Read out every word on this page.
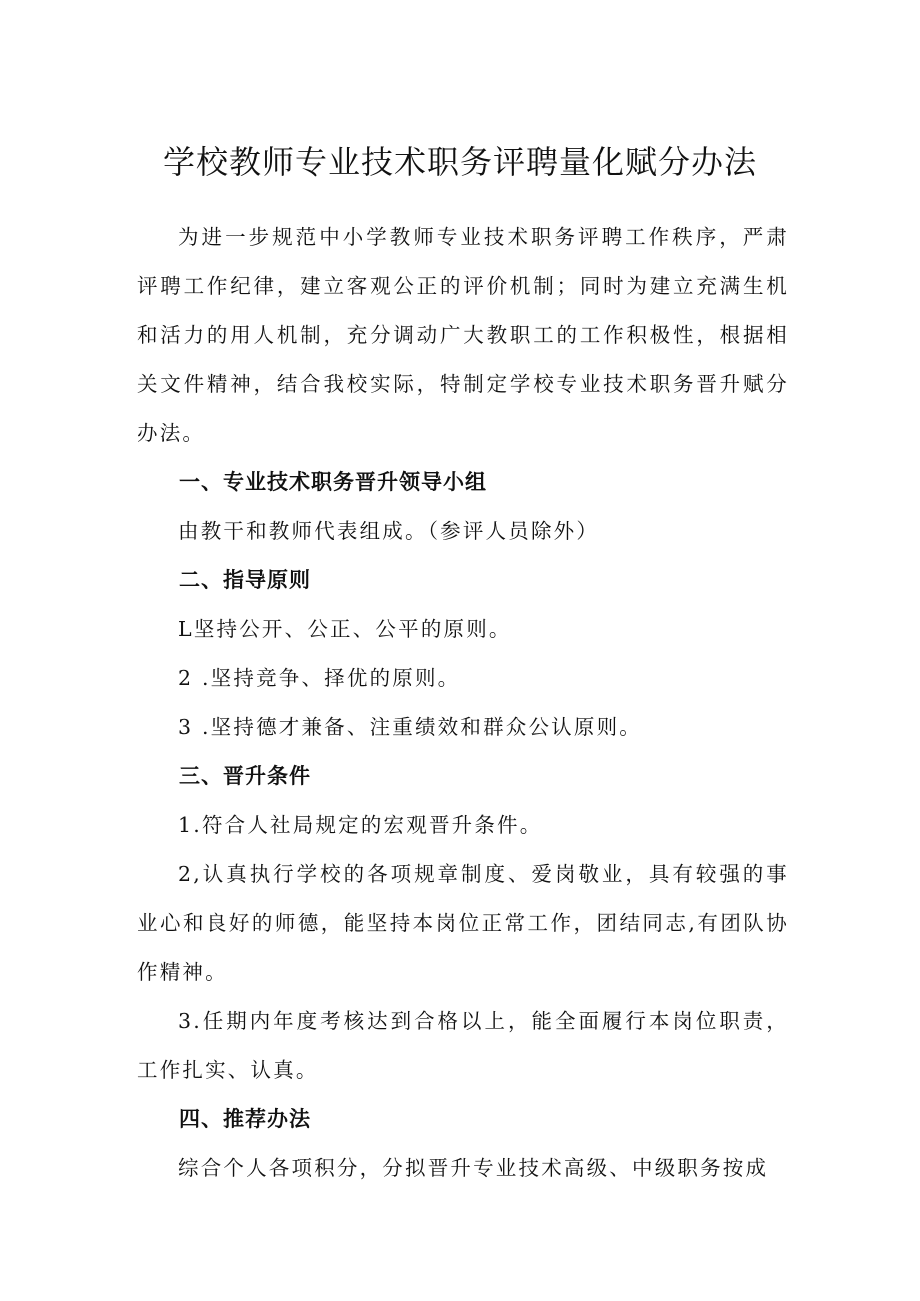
学校教师专业技术职务评聘量化赋分办法

为进一步规范中小学教师专业技术职务评聘工作秩序，严肃评聘工作纪律，建立客观公正的评价机制；同时为建立充满生机和活力的用人机制，充分调动广大教职工的工作积极性，根据相关文件精神，结合我校实际，特制定学校专业技术职务晋升赋分办法。

一、专业技术职务晋升领导小组

由教干和教师代表组成。（参评人员除外）

二、指导原则

L坚持公开、公正、公平的原则。

2 .坚持竞争、择优的原则。

3 .坚持德才兼备、注重绩效和群众公认原则。

三、晋升条件

1.符合人社局规定的宏观晋升条件。

2,认真执行学校的各项规章制度、爱岗敬业，具有较强的事业心和良好的师德，能坚持本岗位正常工作，团结同志,有团队协作精神。

3.任期内年度考核达到合格以上，能全面履行本岗位职责，工作扎实、认真。

四、推荐办法

综合个人各项积分，分拟晋升专业技术高级、中级职务按成
